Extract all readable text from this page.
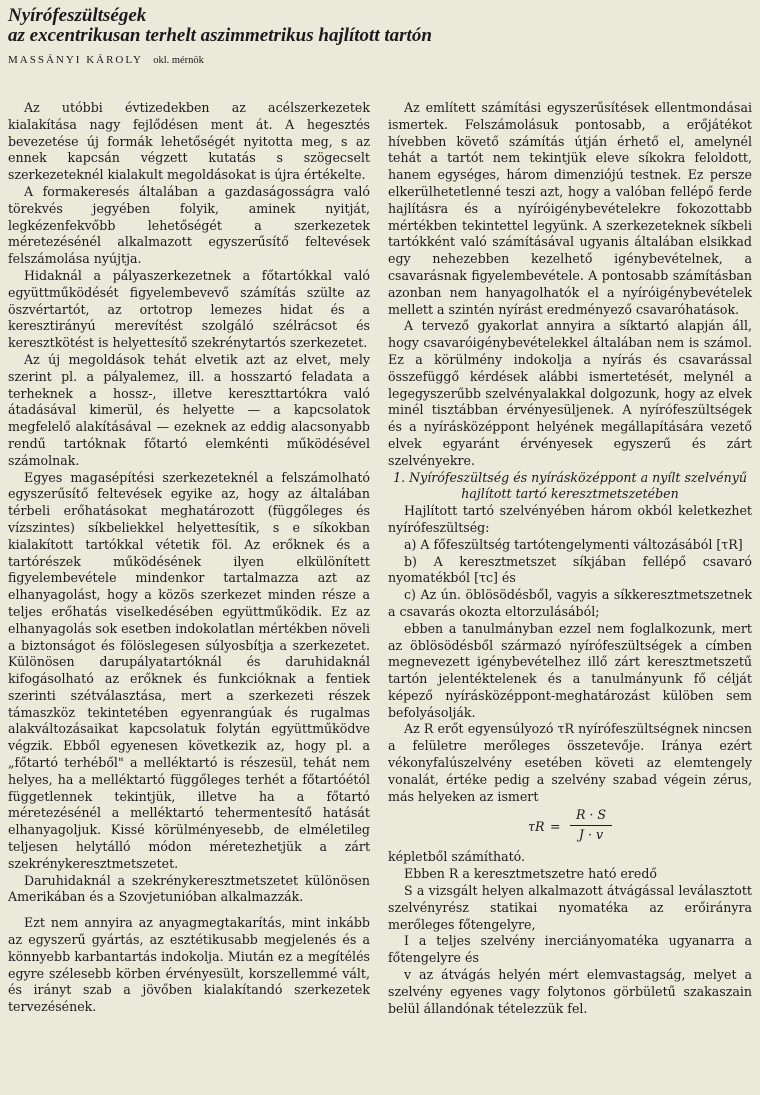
Nyírófeszültségek
az excentrikusan terhelt aszimmetrikus hajlított tartón
MASSÁNYI KÁROLY okl. mérnök

Az utóbbi évtizedekben az acélszerkezetek kialakítása nagy fejlődésen ment át. A hegesztés bevezetése új formák lehetőségét nyitotta meg, s az ennek kapcsán végzett kutatás s szögecselt szerkezeteknél kialakult megoldásokat is újra értékelte.

A formakeresés általában a gazdaságosságra való törekvés jegyében folyik, aminek nyitját, legkézenfekvőbb lehetőségét a szerkezetek méretezésénél alkalmazott egyszerűsítő feltevések felszámolása nyújtja.

Hidaknál a pályaszerkezetnek a főtartókkal való együttműködését figyelembevevő számítás szülte az öszvértartót, az ortotrop lemezes hidat és a keresztirányú merevítést szolgáló szélrácsot és keresztkötést is helyettesítő szekrénytartós szerkezetet.

Az új megoldások tehát elvetik azt az elvet, mely szerint pl. a pályalemez, ill. a hosszartó feladata a terheknek a hossz-, illetve kereszttartókra való átadásával kimerül, és helyette — a kapcsolatok megfelelő alakításával — ezeknek az eddig alacsonyabb rendű tartóknak főtartó elemkénti működésével számolnak.

Egyes magasépítési szerkezeteknél a felszámolható egyszerűsítő feltevések egyike az, hogy az általában térbeli erőhatásokat meghatározott (függőleges és vízszintes) síkbeliekkel helyettesítik, s e síkokban kialakított tartókkal vétetik föl. Az erőknek és a tartórészek működésének ilyen elkülönített figyelembevétele mindenkor tartalmazza azt az elhanyagolást, hogy a közös szerkezet minden része a teljes erőhatás viselkedésében együttműködik. Ez az elhanyagolás sok esetben indokolatlan mértékben növeli a biztonságot és fölöslegesen súlyosbítja a szerkezetet. Különösen darupályatartóknál és daruhidaknál kifogásolható az erőknek és funkcióknak a fentiek szerinti szétválasztása, mert a szerkezeti részek támaszköz tekintetében egyenrangúak és rugalmas alakváltozásaikat kapcsolatuk folytán együttműködve végzik. Ebből egyenesen következik az, hogy pl. a „főtartó terhéből" a melléktartó is részesül, tehát nem helyes, ha a melléktartó függőleges terhét a főtartóétól függetlennek tekintjük, illetve ha a főtartó méretezésénél a melléktartó tehermentesítő hatását elhanyagoljuk. Kissé körülményesebb, de elméletileg teljesen helytálló módon méretezhetjük a zárt szekrénykeresztmetszetet.

Daruhidaknál a szekrénykeresztmetszetet különösen Amerikában és a Szovjetunióban alkalmazzák.

Ezt nem annyira az anyagmegtakarítás, mint inkább az egyszerű gyártás, az esztétikusabb megjelenés és a könnyebb karbantartás indokolja. Miután ez a megítélés egyre szélesebb körben érvényesült, korszellemmé vált, és irányt szab a jövőben kialakítandó szerkezetek tervezésének.

Az említett számítási egyszerűsítések ellentmondásai ismertek. Felszámolásuk pontosabb, a erőjátékot hívebben követő számítás útján érhető el, amelynél tehát a tartót nem tekintjük eleve síkokra feloldott, hanem egységes, három dimenziójú testnek. Ez persze elkerülhetetlenné teszi azt, hogy a valóban fellépő ferde hajlításra és a nyíróigénybevételekre fokozottabb mértékben tekintettel legyünk. A szerkezeteknek síkbeli tartókként való számításával ugyanis általában elsikkad egy nehezebben kezelhető igénybevételnek, a csavarásnak figyelembevétele. A pontosabb számításban azonban nem hanyagolhatók el a nyíróigénybevételek mellett a szintén nyírást eredményező csavaróhatások.

A tervező gyakorlat annyira a síktartó alapján áll, hogy csavaróigénybevételekkel általában nem is számol. Ez a körülmény indokolja a nyírás és csavarással összefüggő kérdések alábbi ismertetését, melynél a legegyszerűbb szelvényalakkal dolgozunk, hogy az elvek minél tisztábban érvényesüljenek. A nyírófeszültségek és a nyírásközéppont helyének megállapítására vezető elvek egyaránt érvényesek egyszerű és zárt szelvényekre.

1. Nyírófeszültség és nyírásközéppont a nyílt szelvényű hajlított tartó keresztmetszetében

Hajlított tartó szelvényében három okból keletkezhet nyírófeszültség:

a) A főfeszültség tartótengelymenti változásából [τR]

b) A keresztmetszet síkjában fellépő csavaró nyomatékból [τc] és

c) Az ún. öblösödésből, vagyis a síkkeresztmetszetnek a csavarás okozta eltorzulásából;

ebben a tanulmányban ezzel nem foglalkozunk, mert az öblösödésből származó nyírófeszültségek a címben megnevezett igénybevételhez illő zárt keresztmetszetű tartón jelentéktelenek és a tanulmányunk fő célját képező nyírásközéppont-meghatározást külöben sem befolyásolják.

Az R erőt egyensúlyozó τR nyírófeszültségnek nincsen a felületre merőleges összetevője. Iránya ezért vékonyfalúszelvény esetében követi az elemtengely vonalát, értéke pedig a szelvény szabad végein zérus, más helyeken az ismert

$\tau R = \frac{R \cdot S}{J \cdot v}$

képletből számítható.

Ebben R a keresztmetszetre ható eredő

S a vizsgált helyen alkalmazott átvágással leválasztott szelvényrész statikai nyomatéka az erőirányra merőleges főtengelyre,

I a teljes szelvény inerciányomatéka ugyanarra a főtengelyre és

v az átvágás helyén mért elemvastagság, melyet a szelvény egyenes vagy folytonos görbületű szakaszain belül állandónak tételezzük fel.
